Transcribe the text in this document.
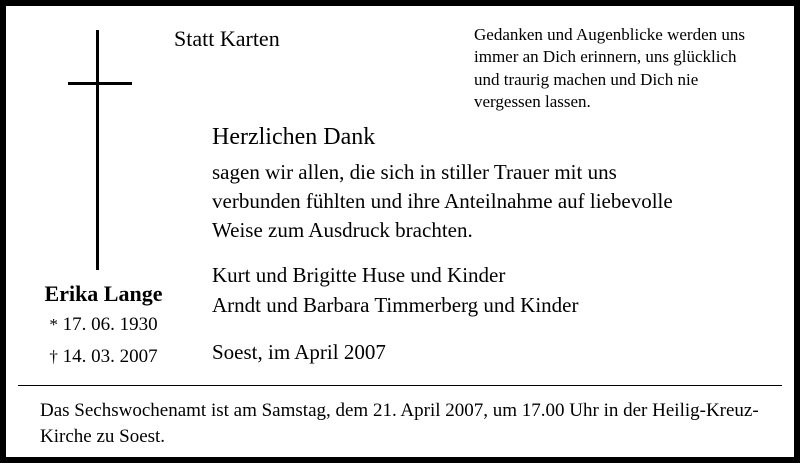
Statt Karten	Gedanken und Augenblicke werden uns immer an Dich erinnern, uns glücklich und traurig machen und Dich nie vergessen lassen.
Herzlichen Dank
sagen wir allen, die sich in stiller Trauer mit uns verbunden fühlten und ihre Anteilnahme auf liebevolle Weise zum Ausdruck brachten.
Kurt und Brigitte Huse und Kinder
Arndt und Barbara Timmerberg und Kinder
Soest, im April 2007
Erika Lange
* 17. 06. 1930
† 14. 03. 2007
Das Sechswochenamt ist am Samstag, dem 21. April 2007, um 17.00 Uhr in der Heilig-Kreuz-Kirche zu Soest.
